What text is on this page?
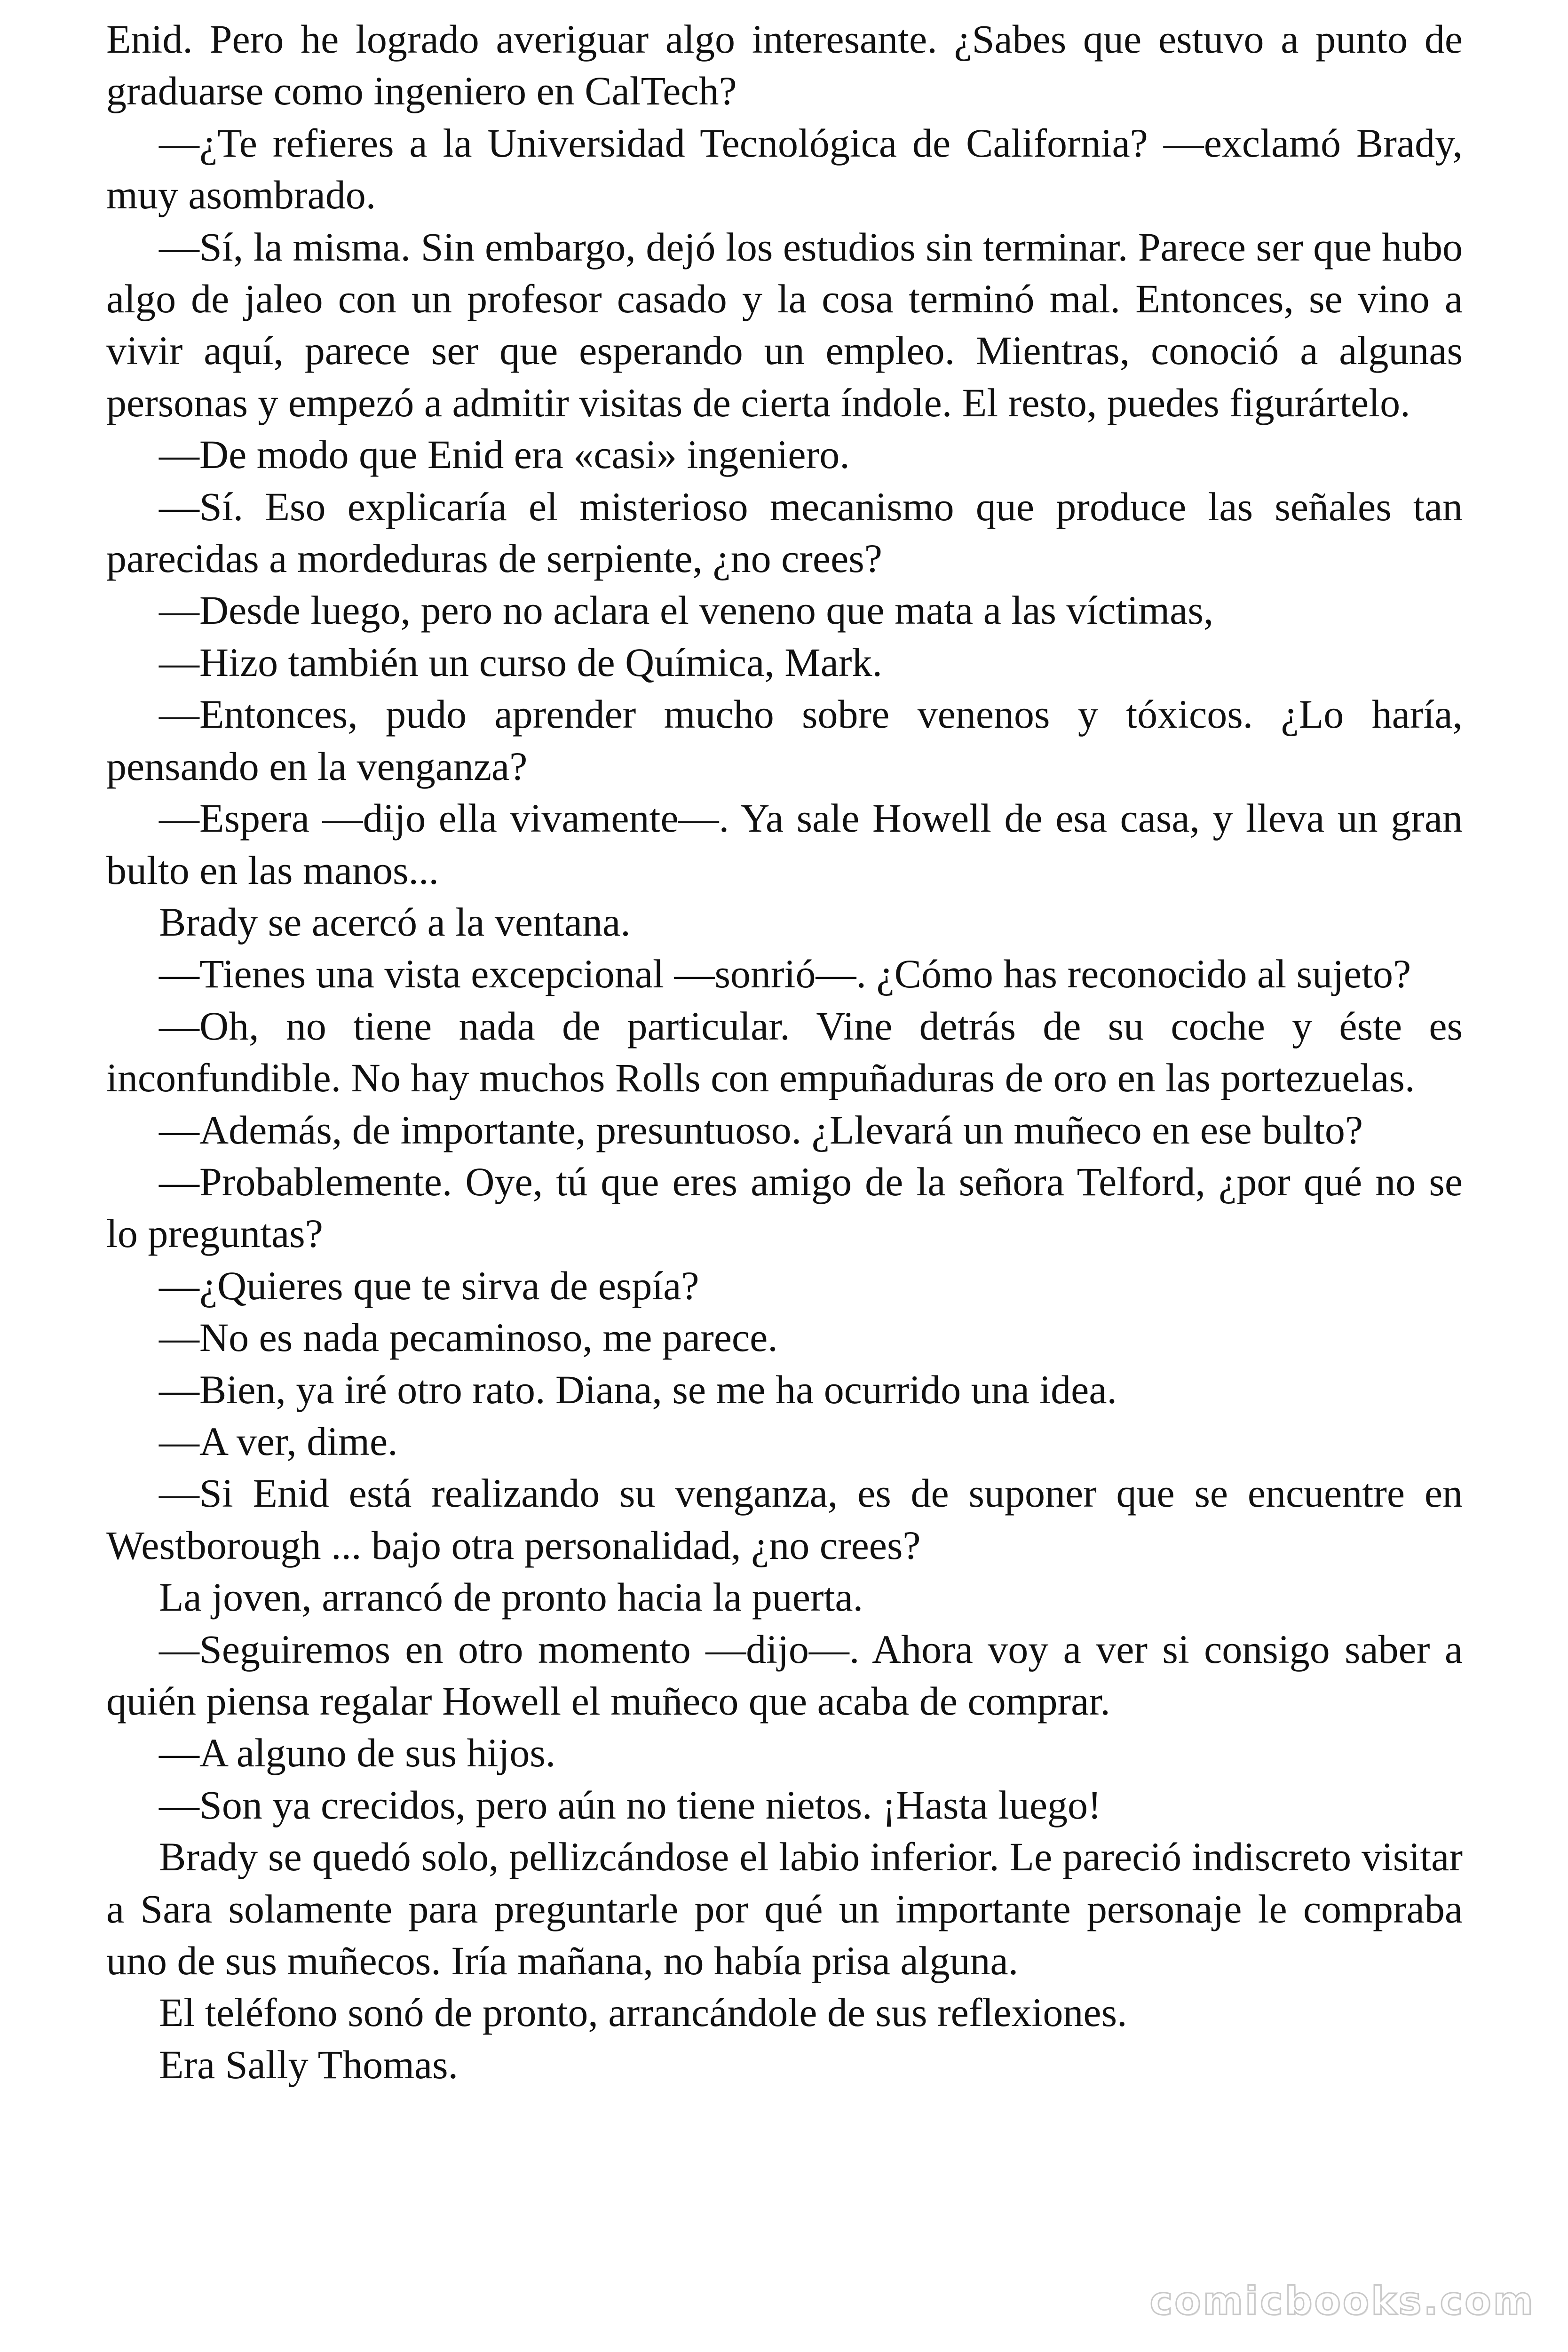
Enid. Pero he logrado averiguar algo interesante. ¿Sabes que estuvo a punto de graduarse como ingeniero en CalTech?

—¿Te refieres a la Universidad Tecnológica de California? —exclamó Brady, muy asombrado.

—Sí, la misma. Sin embargo, dejó los estudios sin terminar. Parece ser que hubo algo de jaleo con un profesor casado y la cosa terminó mal. Entonces, se vino a vivir aquí, parece ser que esperando un empleo. Mientras, conoció a algunas personas y empezó a admitir visitas de cierta índole. El resto, puedes figurártelo.

—De modo que Enid era «casi» ingeniero.

—Sí. Eso explicaría el misterioso mecanismo que produce las señales tan parecidas a mordeduras de serpiente, ¿no crees?

—Desde luego, pero no aclara el veneno que mata a las víctimas,

—Hizo también un curso de Química, Mark.

—Entonces, pudo aprender mucho sobre venenos y tóxicos. ¿Lo haría, pensando en la venganza?

—Espera —dijo ella vivamente—. Ya sale Howell de esa casa, y lleva un gran bulto en las manos...

Brady se acercó a la ventana.

—Tienes una vista excepcional —sonrió—. ¿Cómo has reconocido al sujeto?

—Oh, no tiene nada de particular. Vine detrás de su coche y éste es inconfundible. No hay muchos Rolls con empuñaduras de oro en las portezuelas.

—Además, de importante, presuntuoso. ¿Llevará un muñeco en ese bulto?

—Probablemente. Oye, tú que eres amigo de la señora Telford, ¿por qué no se lo preguntas?

—¿Quieres que te sirva de espía?

—No es nada pecaminoso, me parece.

—Bien, ya iré otro rato. Diana, se me ha ocurrido una idea.

—A ver, dime.

—Si Enid está realizando su venganza, es de suponer que se encuentre en Westborough ... bajo otra personalidad, ¿no crees?

La joven, arrancó de pronto hacia la puerta.

—Seguiremos en otro momento —dijo—. Ahora voy a ver si consigo saber a quién piensa regalar Howell el muñeco que acaba de comprar.

—A alguno de sus hijos.

—Son ya crecidos, pero aún no tiene nietos. ¡Hasta luego!

Brady se quedó solo, pellizcándose el labio inferior. Le pareció indiscreto visitar a Sara solamente para preguntarle por qué un importante personaje le compraba uno de sus muñecos. Iría mañana, no había prisa alguna.

El teléfono sonó de pronto, arrancándole de sus reflexiones.

Era Sally Thomas.

comicbooks.com
